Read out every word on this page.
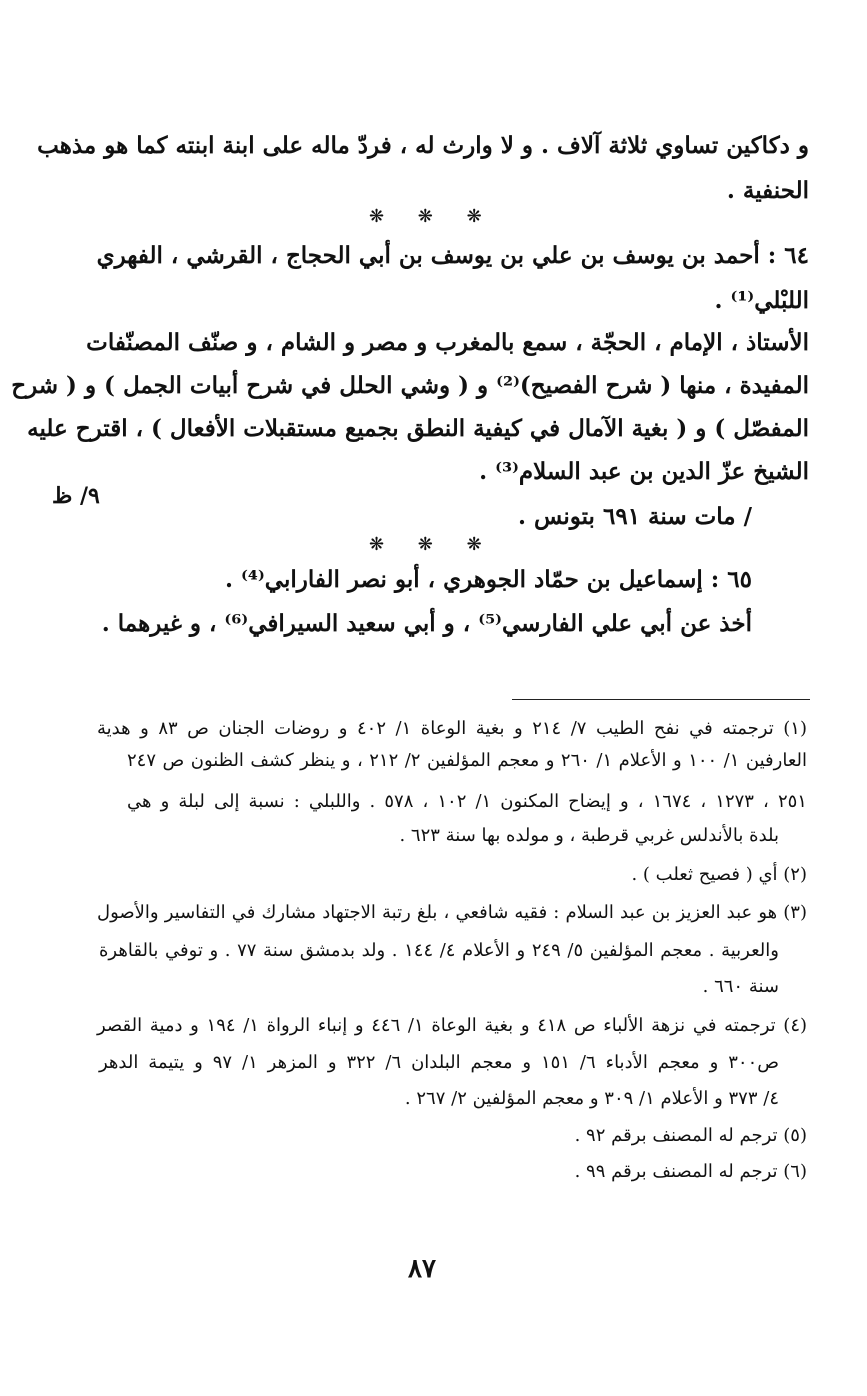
و دكاكين تساوي ثلاثة آلاف . و لا وارث له ، فردّ ماله على ابنة ابنته كما هو مذهب
الحنفية .
❋ ❋ ❋
٦٤ : أحمد بن يوسف بن علي بن يوسف بن أبي الحجاج ، القرشي ، الفهري
اللبْلي⁽¹⁾ .
الأستاذ ، الإمام ، الحجّة ، سمع بالمغرب و مصر و الشام ، و صنّف المصنّفات
المفيدة ، منها ( شرح الفصيح)⁽²⁾ و ( وشي الحلل في شرح أبيات الجمل ) و ( شرح
المفصّل ) و ( بغية الآمال في كيفية النطق بجميع مستقبلات الأفعال ) ، اقترح عليه
الشيخ عزّ الدين بن عبد السلام⁽³⁾ .
٩/ ظ
/ مات سنة ٦٩١ بتونس .
❋ ❋ ❋
٦٥ : إسماعيل بن حمّاد الجوهري ، أبو نصر الفارابي⁽⁴⁾ .
أخذ عن أبي علي الفارسي⁽⁵⁾ ، و أبي سعيد السيرافي⁽⁶⁾ ، و غيرهما .
(١) ترجمته في نفح الطيب ٧/ ٢١٤ و بغية الوعاة ١/ ٤٠٢ و روضات الجنان ص ٨٣ و هدية
العارفين ١/ ١٠٠ و الأعلام ١/ ٢٦٠ و معجم المؤلفين ٢/ ٢١٢ ، و ينظر كشف الظنون ص ٢٤٧
٢٥١ ، ١٢٧٣ ، ١٦٧٤ ، و إيضاح المكنون ١/ ١٠٢ ، ٥٧٨ . واللبلي : نسبة إلى لبلة و هي
بلدة بالأندلس غربي قرطبة ، و مولده بها سنة ٦٢٣ .
(٢) أي ( فصيح ثعلب ) .
(٣) هو عبد العزيز بن عبد السلام : فقيه شافعي ، بلغ رتبة الاجتهاد مشارك في التفاسير والأصول
والعربية . معجم المؤلفين ٥/ ٢٤٩ و الأعلام ٤/ ١٤٤ . ولد بدمشق سنة ٧٧ . و توفي بالقاهرة
سنة ٦٦٠ .
(٤) ترجمته في نزهة الألباء ص ٤١٨ و بغية الوعاة ١/ ٤٤٦ و إنباء الرواة ١/ ١٩٤ و دمية القصر
ص٣٠٠ و معجم الأدباء ٦/ ١٥١ و معجم البلدان ٦/ ٣٢٢ و المزهر ١/ ٩٧ و يتيمة الدهر
٤/ ٣٧٣ و الأعلام ١/ ٣٠٩ و معجم المؤلفين ٢/ ٢٦٧ .
(٥) ترجم له المصنف برقم ٩٢ .
(٦) ترجم له المصنف برقم ٩٩ .
٨٧
